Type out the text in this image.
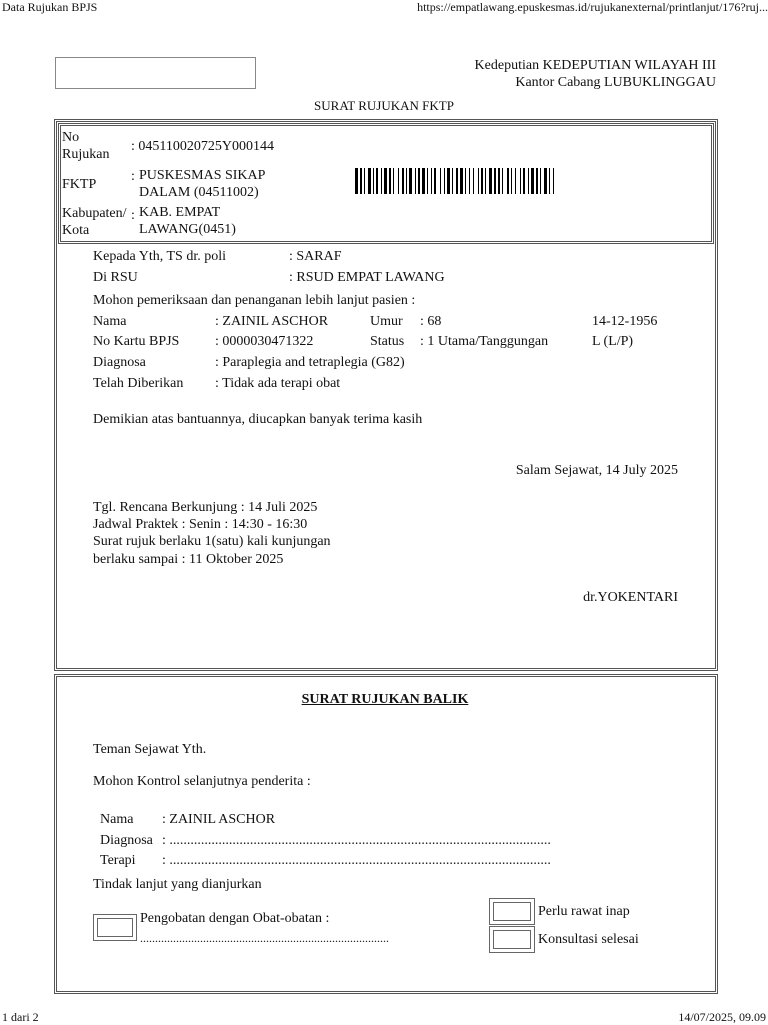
Data Rujukan BPJS	https://empatlawang.epuskesmas.id/rujukanexternal/printlanjut/176?ruj...
1 dari 2	14/07/2025, 09.09
Kedeputian KEDEPUTIAN WILAYAH III
Kantor Cabang LUBUKLINGGAU
SURAT RUJUKAN FKTP
No
Rujukan
: 045110020725Y000144
FKTP
: PUSKESMAS SIKAP
DALAM (04511002)
Kabupaten/
Kota
: KAB. EMPAT
LAWANG(0451)
Kepada Yth, TS dr. poli	: SARAF
Di RSU	: RSUD EMPAT LAWANG
Mohon pemeriksaan dan penanganan lebih lanjut pasien :
Nama	: ZAINIL ASCHOR	Umur : 68	14-12-1956
No Kartu BPJS	: 0000030471322	Status : 1 Utama/Tanggungan	L (L/P)
Diagnosa	: Paraplegia and tetraplegia (G82)
Telah Diberikan : Tidak ada terapi obat
Demikian atas bantuannya, diucapkan banyak terima kasih
Salam Sejawat, 14 July 2025
Tgl. Rencana Berkunjung : 14 Juli 2025
Jadwal Praktek : Senin : 14:30 - 16:30
Surat rujuk berlaku 1(satu) kali kunjungan
berlaku sampai : 11 Oktober 2025
dr.YOKENTARI
SURAT RUJUKAN BALIK
Teman Sejawat Yth.
Mohon Kontrol selanjutnya penderita :
Nama : ZAINIL ASCHOR
Diagnosa : .............................................................................................................
Terapi : .............................................................................................................
Tindak lanjut yang dianjurkan
Pengobatan dengan Obat-obatan :
...................................................................................
Perlu rawat inap
Konsultasi selesai
